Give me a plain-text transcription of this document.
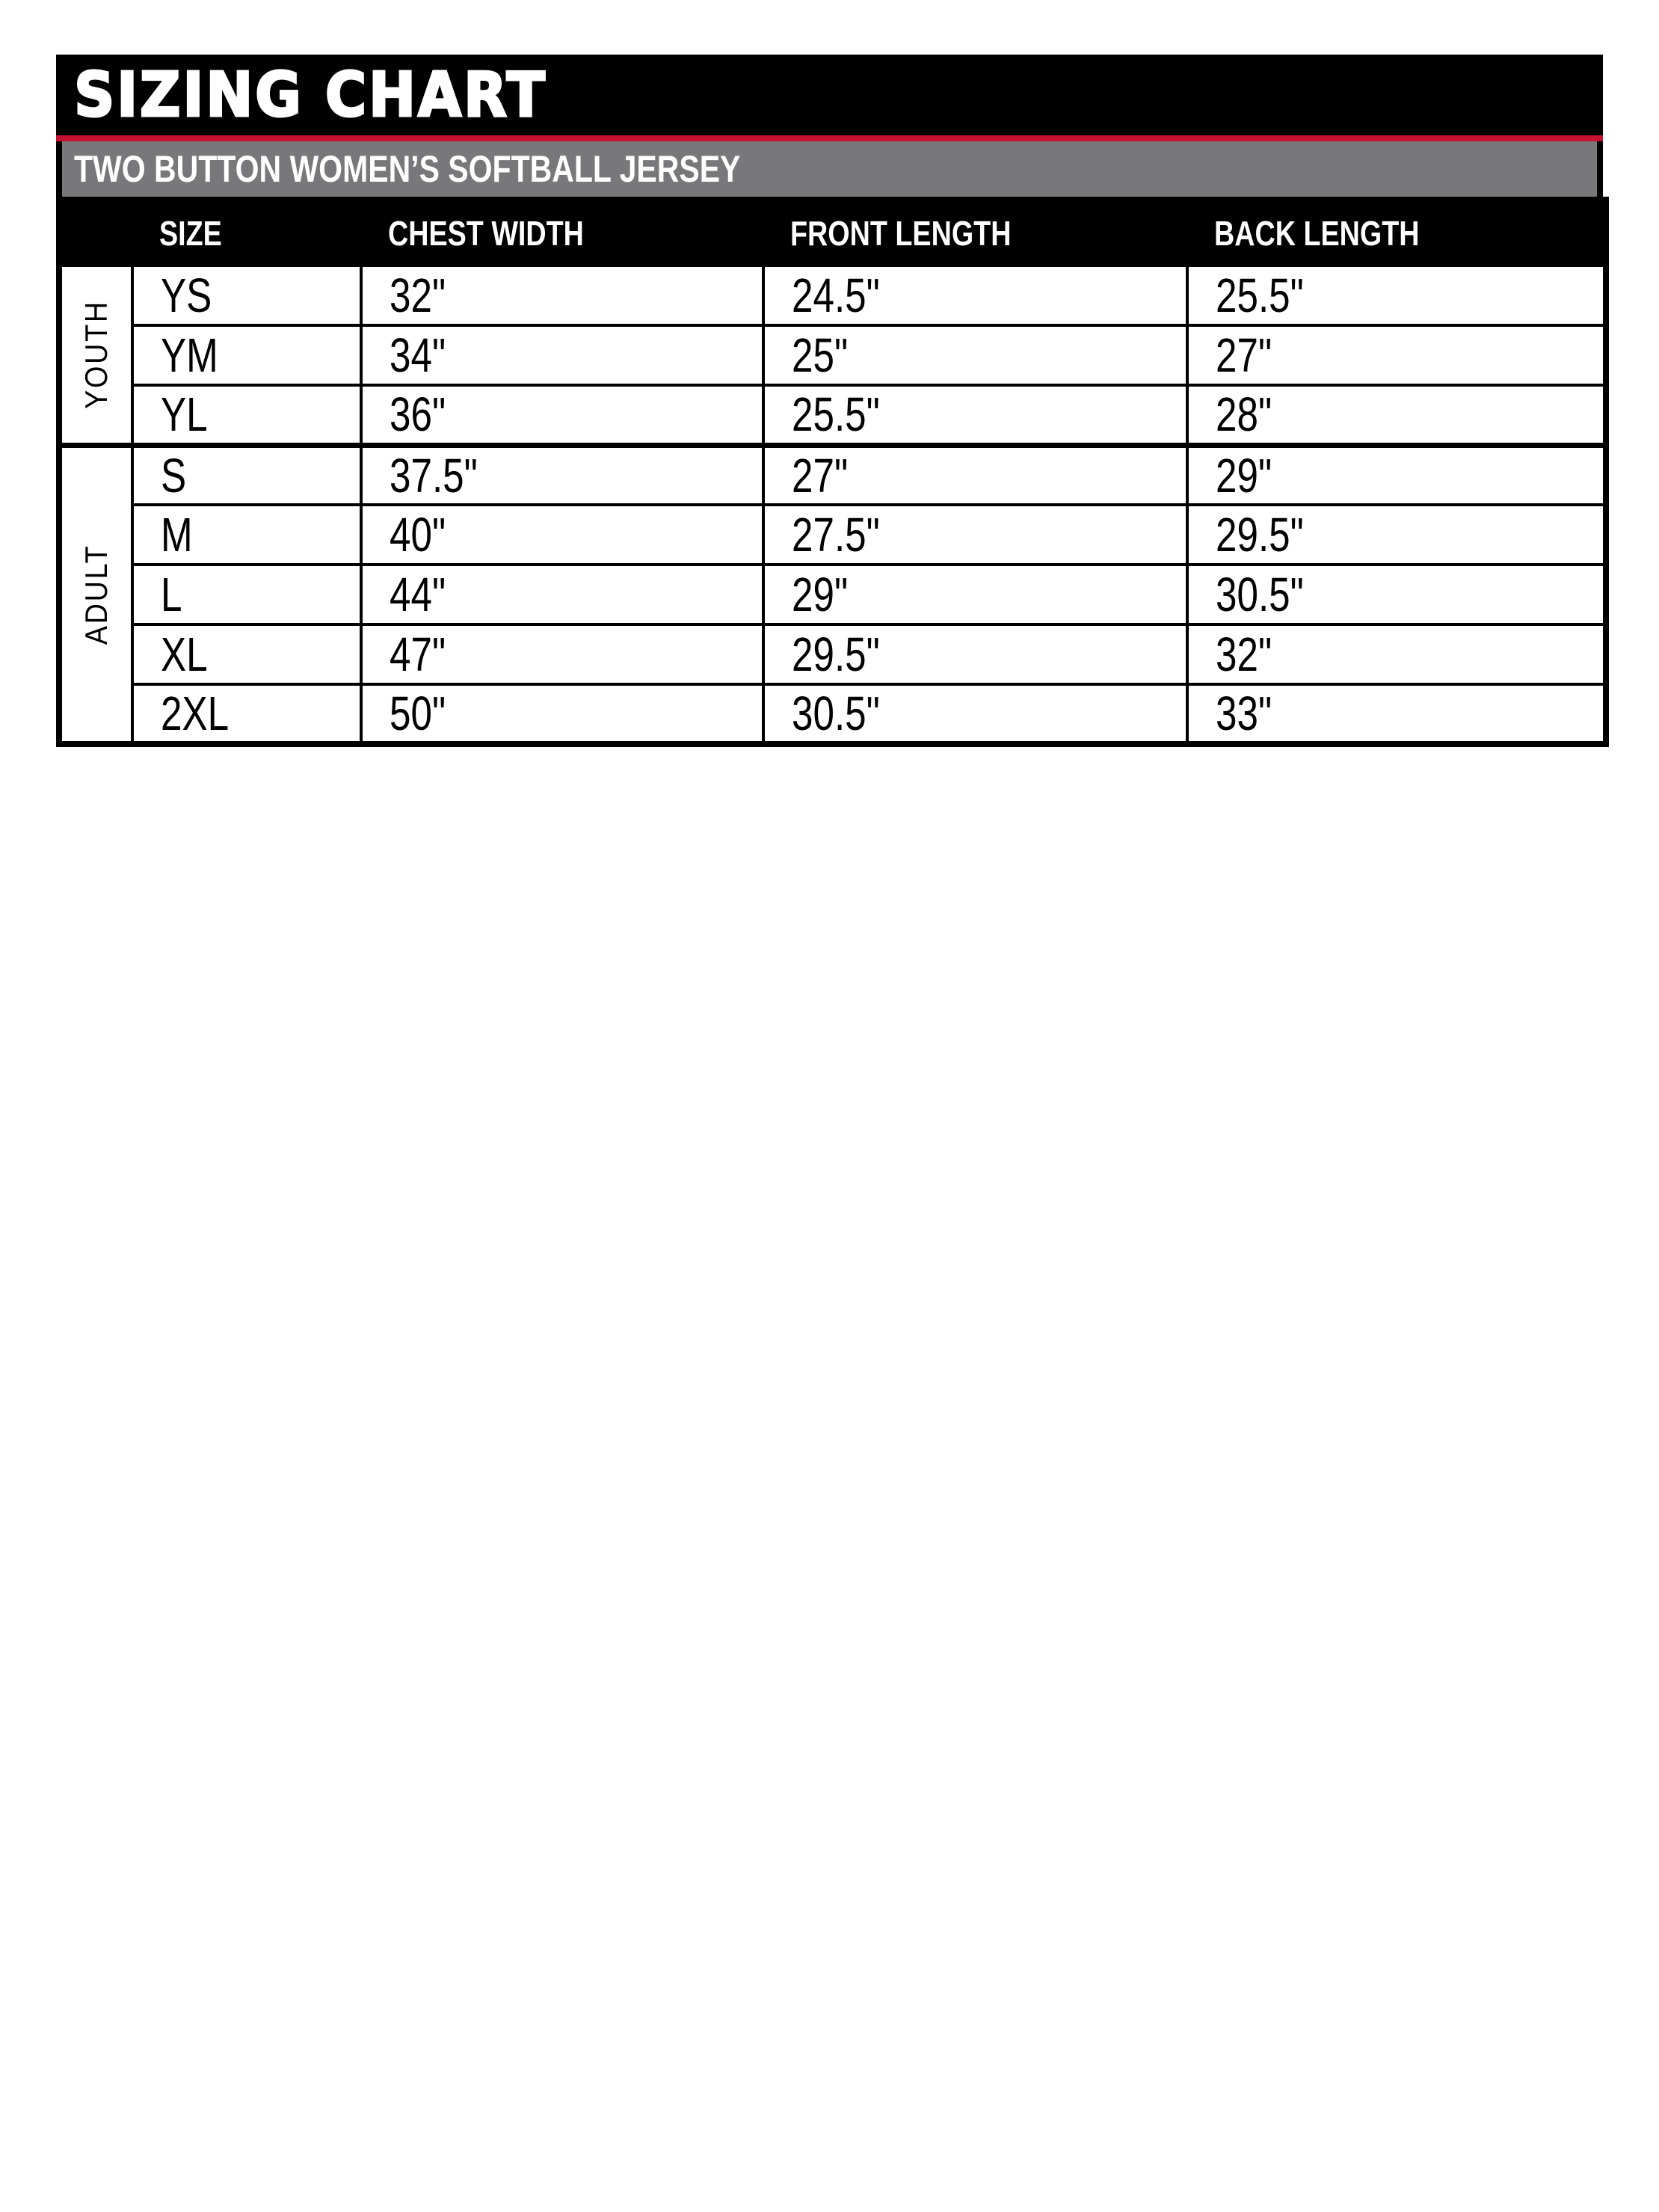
SIZING CHART
TWO BUTTON WOMEN’S SOFTBALL JERSEY
	SIZE	CHEST WIDTH	FRONT LENGTH	BACK LENGTH

YOUTH	YS	32"	24.5"	25.5"
	YM	34"	25"	27"
	YL	36"	25.5"	28"

ADULT	S	37.5"	27"	29"
	M	40"	27.5"	29.5"
	L	44"	29"	30.5"
	XL	47"	29.5"	32"
	2XL	50"	30.5"	33"
